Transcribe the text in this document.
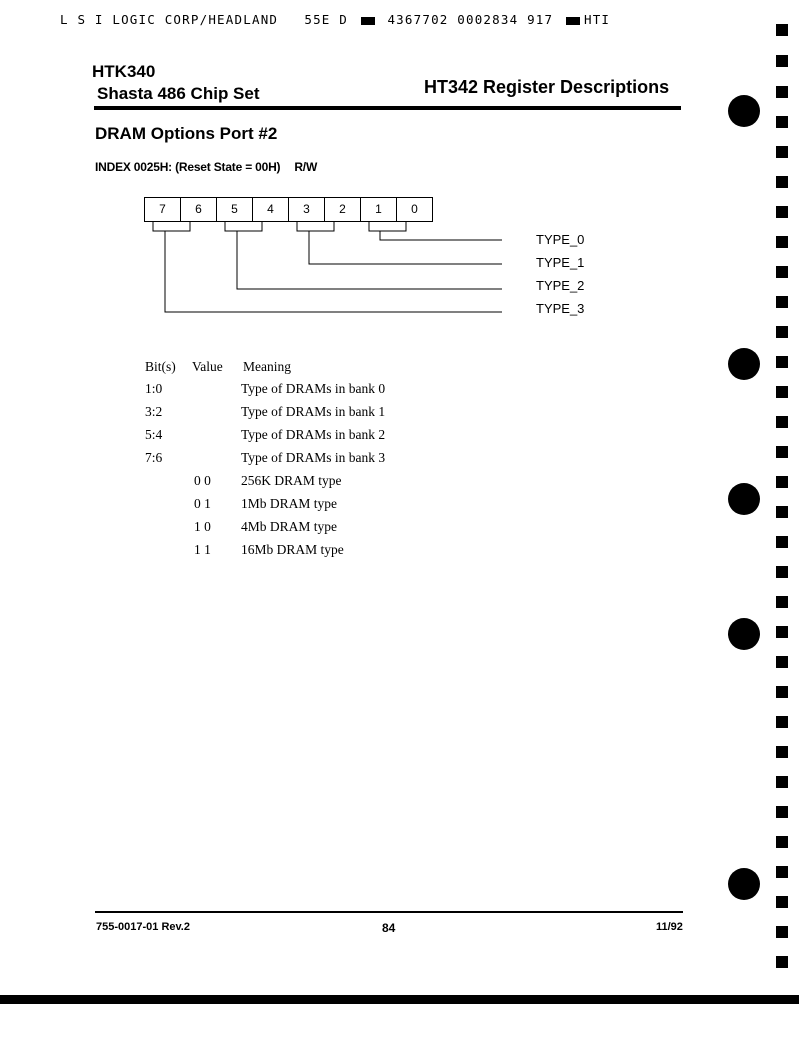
L S I LOGIC CORP/HEADLAND 55E D	4367702 0002834 917 HTI
HTK340
Shasta 486 Chip Set	HT342 Register Descriptions
DRAM Options Port #2
INDEX 0025H: (Reset State = 00H) R/W
7	6	5	4	3	2	1	0
TYPE_0
TYPE_1
TYPE_2
TYPE_3
Bit(s) Value Meaning
1:0	Type of DRAMs in bank 0
3:2	Type of DRAMs in bank 1
5:4	Type of DRAMs in bank 2
7:6	Type of DRAMs in bank 3
0 0 256K DRAM type
0 1 1Mb DRAM type
1 0 4Mb DRAM type
1 1 16Mb DRAM type
755-0017-01 Rev.2	84	11/92
